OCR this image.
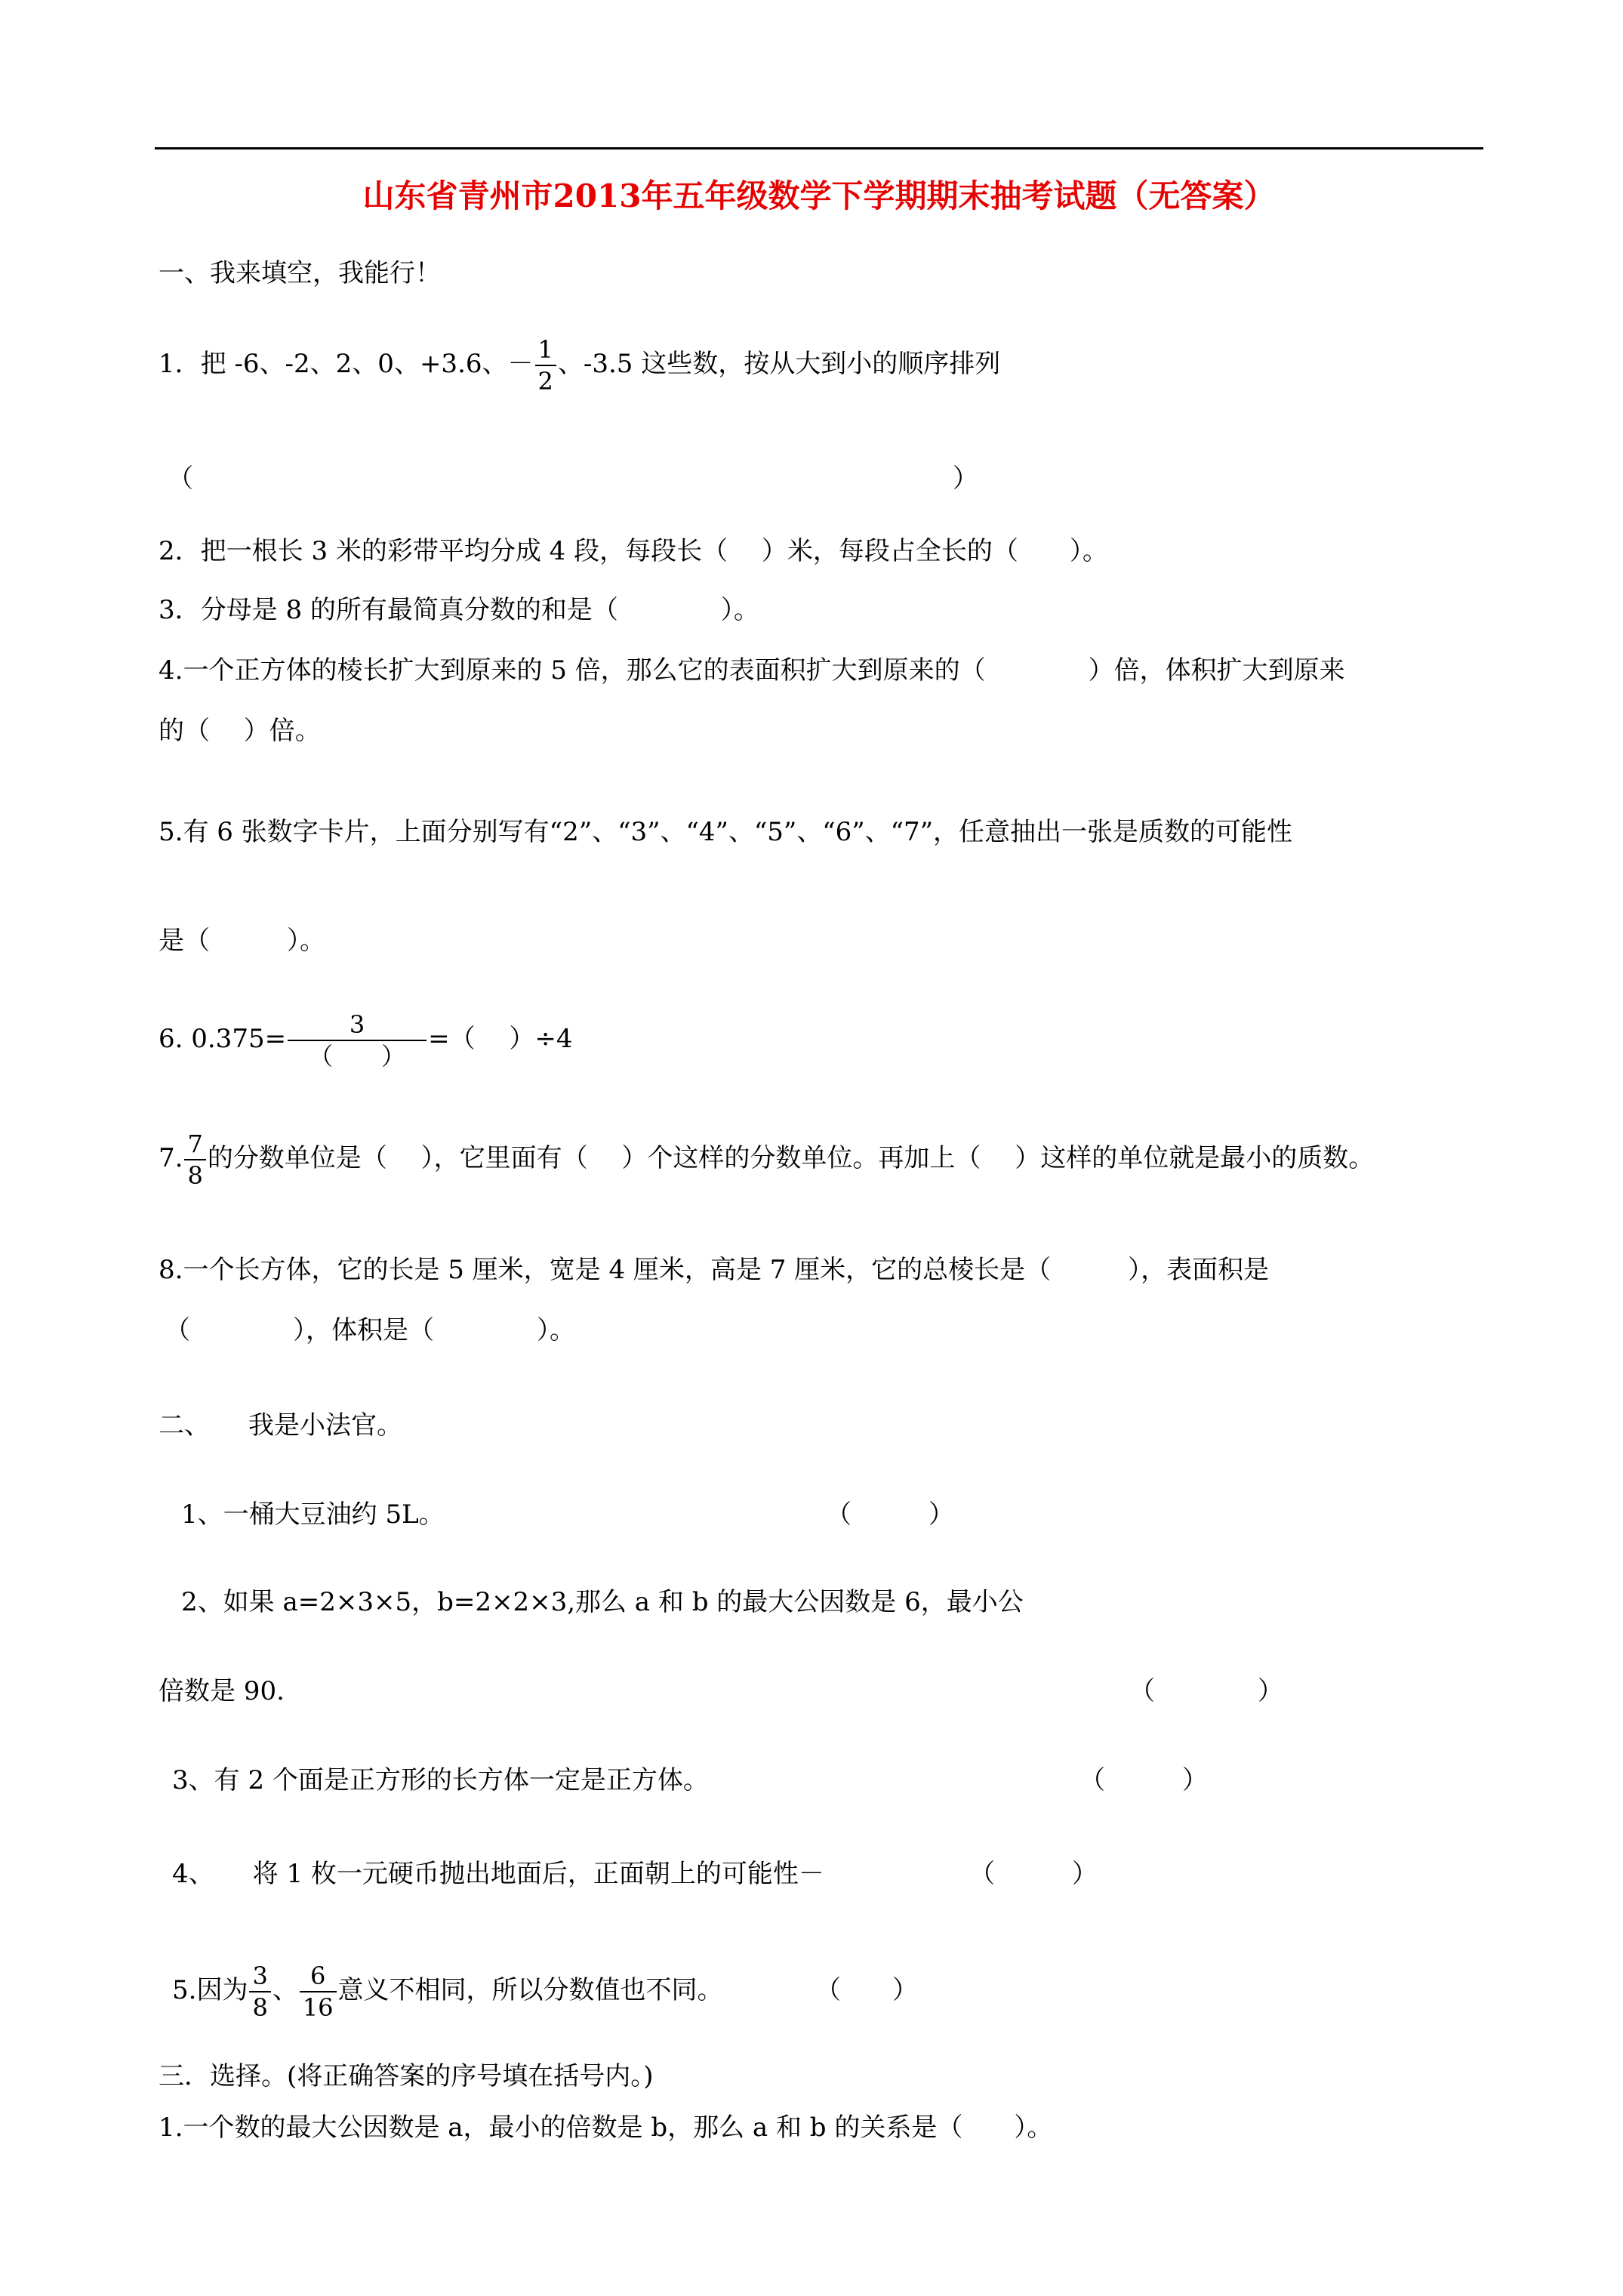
山东省青州市2013年五年级数学下学期期末抽考试题（无答案）
一、我来填空，我能行！
1．把 -6、-2、2、0、+3.6、－ $\frac{1}{2}$ 、-3.5 这些数，按从大到小的顺序排列
（	）
2．把一根长 3 米的彩带平均分成 4 段，每段长（　 ）米，每段占全长的（　　）。
3．分母是 8 的所有最简真分数的和是（　　　　）。
4.一个正方体的棱长扩大到原来的 5 倍，那么它的表面积扩大到原来的（　　　　）倍，体积扩大到原来
的（　 ）倍。
5.有 6 张数字卡片，上面分别写有“2”、“3”、“4”、“5”、“6”、“7”，任意抽出一张是质数的可能性
是（　　　）。
6. $0.375= \frac{3}{( )}$ =（　 ）÷4
7. $\frac{7}{8}$ 的分数单位是（　 ），它里面有（　 ）个这样的分数单位。再加上（　 ）这样的单位就是最小的质数。
8.一个长方体，它的长是 5 厘米，宽是 4 厘米，高是 7 厘米，它的总棱长是（　　　），表面积是
（　　　　），体积是（　　　　）。
二、　　我是小法官。
1、一桶大豆油约 5L。	（　　　）
2、如果 a=2×3×5，b=2×2×3,那么 a 和 b 的最大公因数是 6，最小公
倍数是 90.	（　　　　）
3、有 2 个面是正方形的长方体一定是正方体。	（　　　）
4、　　将 1 枚一元硬币抛出地面后，正面朝上的可能性－	（　　　）
5.因为 $\frac{3}{8}$ 、 $\frac{6}{16}$ 意义不相同，所以分数值也不同。	（　　）
三．选择。(将正确答案的序号填在括号内。)
1.一个数的最大公因数是 a，最小的倍数是 b，那么 a 和 b 的关系是（　　）。
